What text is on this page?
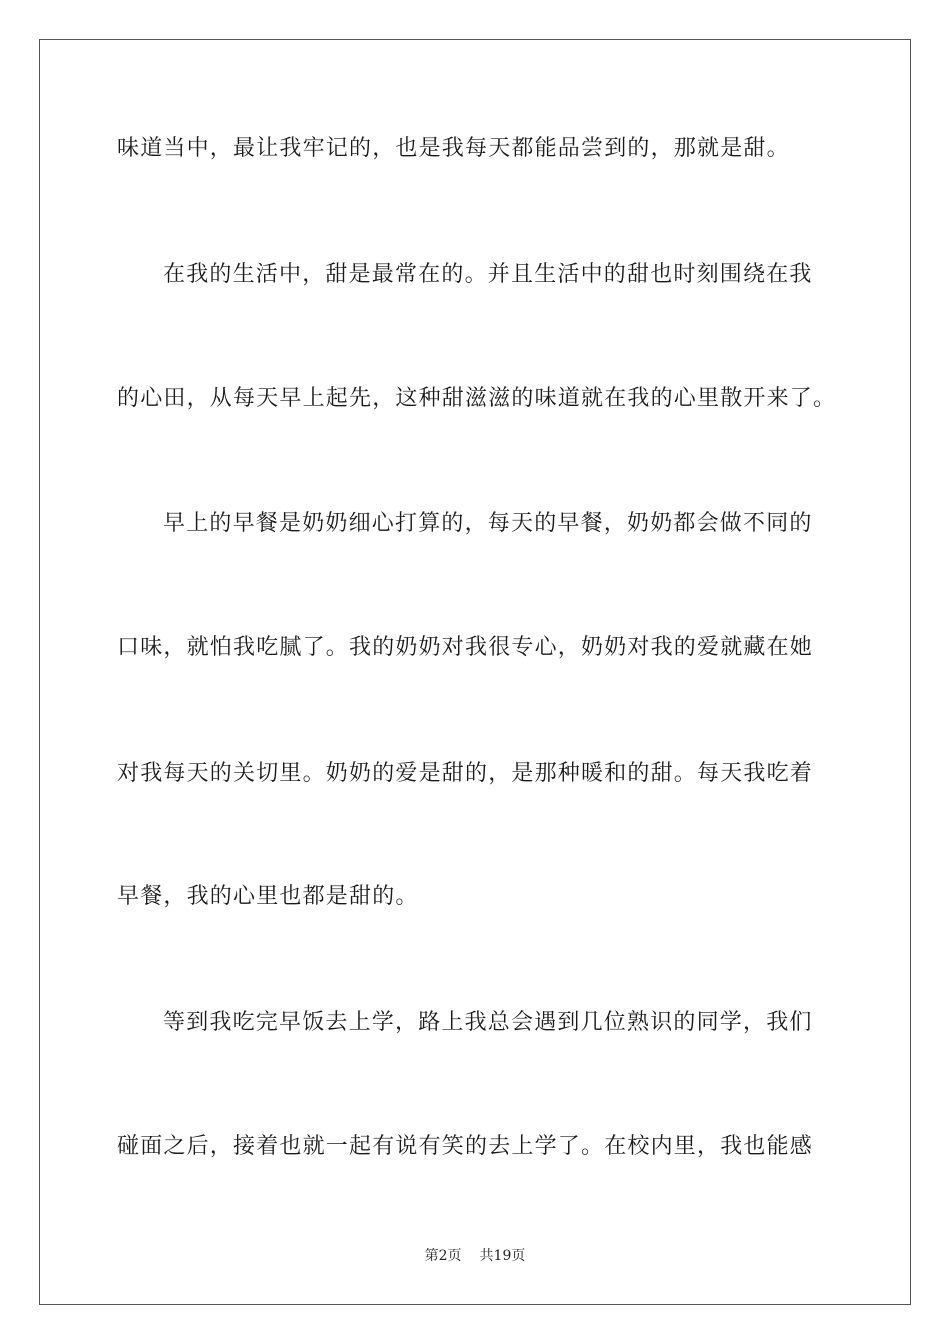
味道当中，最让我牢记的，也是我每天都能品尝到的，那就是甜。
在我的生活中，甜是最常在的。并且生活中的甜也时刻围绕在我
的心田，从每天早上起先，这种甜滋滋的味道就在我的心里散开来了。
早上的早餐是奶奶细心打算的，每天的早餐，奶奶都会做不同的
口味，就怕我吃腻了。我的奶奶对我很专心，奶奶对我的爱就藏在她
对我每天的关切里。奶奶的爱是甜的，是那种暖和的甜。每天我吃着
早餐，我的心里也都是甜的。
等到我吃完早饭去上学，路上我总会遇到几位熟识的同学，我们
碰面之后，接着也就一起有说有笑的去上学了。在校内里，我也能感
第2页 共19页
